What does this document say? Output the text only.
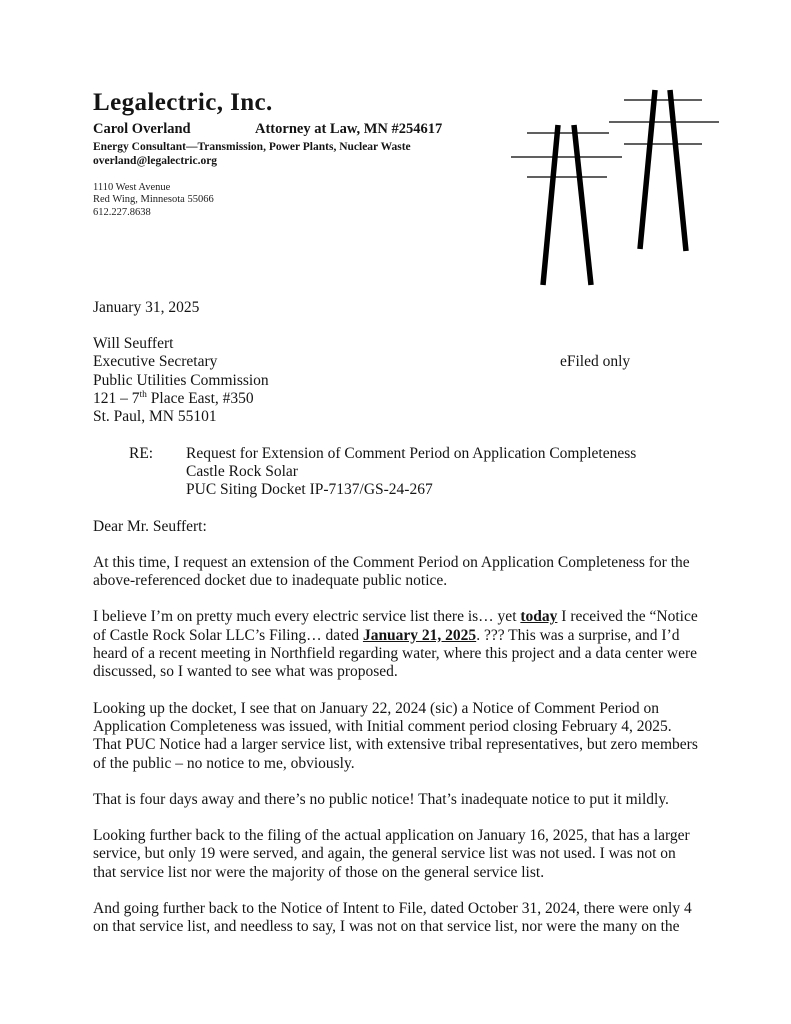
Legalectric, Inc.
Carol Overland	Attorney at Law, MN #254617
Energy Consultant—Transmission, Power Plants, Nuclear Waste
overland@legalectric.org
1110 West Avenue
Red Wing, Minnesota 55066
612.227.8638
January 31, 2025
Will Seuffert
Executive Secretary	eFiled only
Public Utilities Commission
121 – 7th Place East, #350
St. Paul, MN 55101
RE:	Request for Extension of Comment Period on Application Completeness
Castle Rock Solar
PUC Siting Docket IP-7137/GS-24-267
Dear Mr. Seuffert:

At this time, I request an extension of the Comment Period on Application Completeness for the above-referenced docket due to inadequate public notice.

I believe I’m on pretty much every electric service list there is… yet today I received the “Notice of Castle Rock Solar LLC’s Filing… dated January 21, 2025. ??? This was a surprise, and I’d heard of a recent meeting in Northfield regarding water, where this project and a data center were discussed, so I wanted to see what was proposed.

Looking up the docket, I see that on January 22, 2024 (sic) a Notice of Comment Period on Application Completeness was issued, with Initial comment period closing February 4, 2025. That PUC Notice had a larger service list, with extensive tribal representatives, but zero members of the public – no notice to me, obviously.

That is four days away and there’s no public notice! That’s inadequate notice to put it mildly.

Looking further back to the filing of the actual application on January 16, 2025, that has a larger service, but only 19 were served, and again, the general service list was not used. I was not on that service list nor were the majority of those on the general service list.

And going further back to the Notice of Intent to File, dated October 31, 2024, there were only 4 on that service list, and needless to say, I was not on that service list, nor were the many on the
